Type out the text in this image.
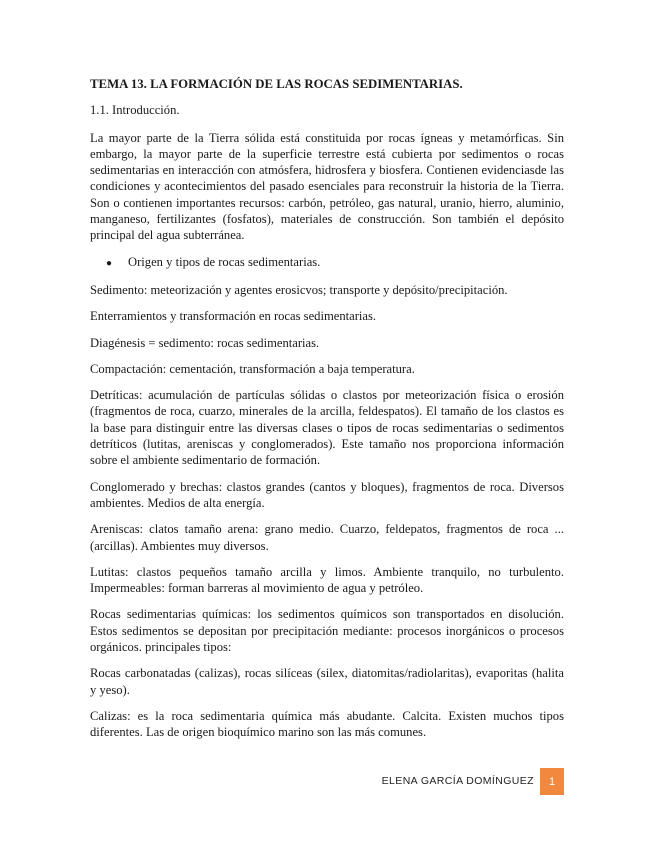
TEMA 13. LA FORMACIÓN DE LAS ROCAS SEDIMENTARIAS.
1.1. Introducción.

La mayor parte de la Tierra sólida está constituida por rocas ígneas y metamórficas. Sin embargo, la mayor parte de la superficie terrestre está cubierta por sedimentos o rocas sedimentarias en interacción con atmósfera, hidrosfera y biosfera. Contienen evidenciasde las condiciones y acontecimientos del pasado esenciales para reconstruir la historia de la Tierra. Son o contienen importantes recursos: carbón, petróleo, gas natural, uranio, hierro, aluminio, manganeso, fertilizantes (fosfatos), materiales de construcción. Son también el depósito principal del agua subterránea.

●	Origen y tipos de rocas sedimentarias.

Sedimento: meteorización y agentes erosicvos; transporte y depósito/precipitación.

Enterramientos y transformación en rocas sedimentarias.

Diagénesis = sedimento: rocas sedimentarias.

Compactación: cementación, transformación a baja temperatura.

Detríticas: acumulación de partículas sólidas o clastos por meteorización física o erosión (fragmentos de roca, cuarzo, minerales de la arcilla, feldespatos). El tamaño de los clastos es la base para distinguir entre las diversas clases o tipos de rocas sedimentarias o sedimentos detríticos (lutitas, areniscas y conglomerados). Este tamaño nos proporciona información sobre el ambiente sedimentario de formación.

Conglomerado y brechas: clastos grandes (cantos y bloques), fragmentos de roca. Diversos ambientes. Medios de alta energía.

Areniscas: clatos tamaño arena: grano medio. Cuarzo, feldepatos, fragmentos de roca ... (arcillas). Ambientes muy diversos.

Lutitas: clastos pequeños tamaño arcilla y limos. Ambiente tranquilo, no turbulento. Impermeables: forman barreras al movimiento de agua y petróleo.

Rocas sedimentarias químicas: los sedimentos químicos son transportados en disolución. Estos sedimentos se depositan por precipitación mediante: procesos inorgánicos o procesos orgánicos. principales tipos:

Rocas carbonatadas (calizas), rocas silíceas (silex, diatomitas/radiolaritas), evaporitas (halita y yeso).

Calizas: es la roca sedimentaria química más abudante. Calcita. Existen muchos tipos diferentes. Las de origen bioquímico marino son las más comunes.

ELENA GARCÍA DOMÍNGUEZ	1
